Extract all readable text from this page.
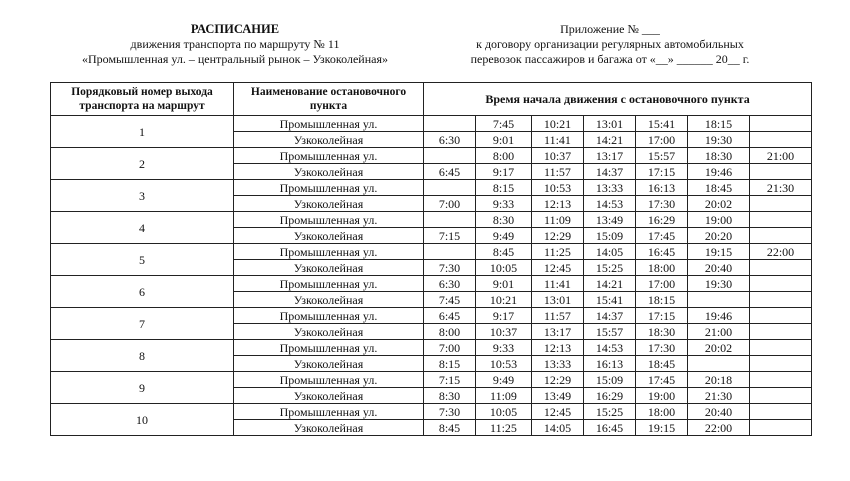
РАСПИСАНИЕ
движения транспорта по маршруту № 11
«Промышленная ул. – центральный рынок – Узкоколейная»
Приложение № ___
к договору организации регулярных автомобильных
перевозок пассажиров и багажа от «__» ______ 20__ г.
Порядковый номер выхода транспорта на маршрут	Наименование остановочного пункта	Время начала движения с остановочного пункта						
1	Промышленная ул.		7:45	10:21	13:01	15:41	18:15	
	Узкоколейная	6:30	9:01	11:41	14:21	17:00	19:30	
2	Промышленная ул.		8:00	10:37	13:17	15:57	18:30	21:00
	Узкоколейная	6:45	9:17	11:57	14:37	17:15	19:46	
3	Промышленная ул.		8:15	10:53	13:33	16:13	18:45	21:30
	Узкоколейная	7:00	9:33	12:13	14:53	17:30	20:02	
4	Промышленная ул.		8:30	11:09	13:49	16:29	19:00	
	Узкоколейная	7:15	9:49	12:29	15:09	17:45	20:20	
5	Промышленная ул.		8:45	11:25	14:05	16:45	19:15	22:00
	Узкоколейная	7:30	10:05	12:45	15:25	18:00	20:40	
6	Промышленная ул.	6:30	9:01	11:41	14:21	17:00	19:30	
	Узкоколейная	7:45	10:21	13:01	15:41	18:15		
7	Промышленная ул.	6:45	9:17	11:57	14:37	17:15	19:46	
	Узкоколейная	8:00	10:37	13:17	15:57	18:30	21:00	
8	Промышленная ул.	7:00	9:33	12:13	14:53	17:30	20:02	
	Узкоколейная	8:15	10:53	13:33	16:13	18:45		
9	Промышленная ул.	7:15	9:49	12:29	15:09	17:45	20:18	
	Узкоколейная	8:30	11:09	13:49	16:29	19:00	21:30	
10	Промышленная ул.	7:30	10:05	12:45	15:25	18:00	20:40	
	Узкоколейная	8:45	11:25	14:05	16:45	19:15	22:00	
